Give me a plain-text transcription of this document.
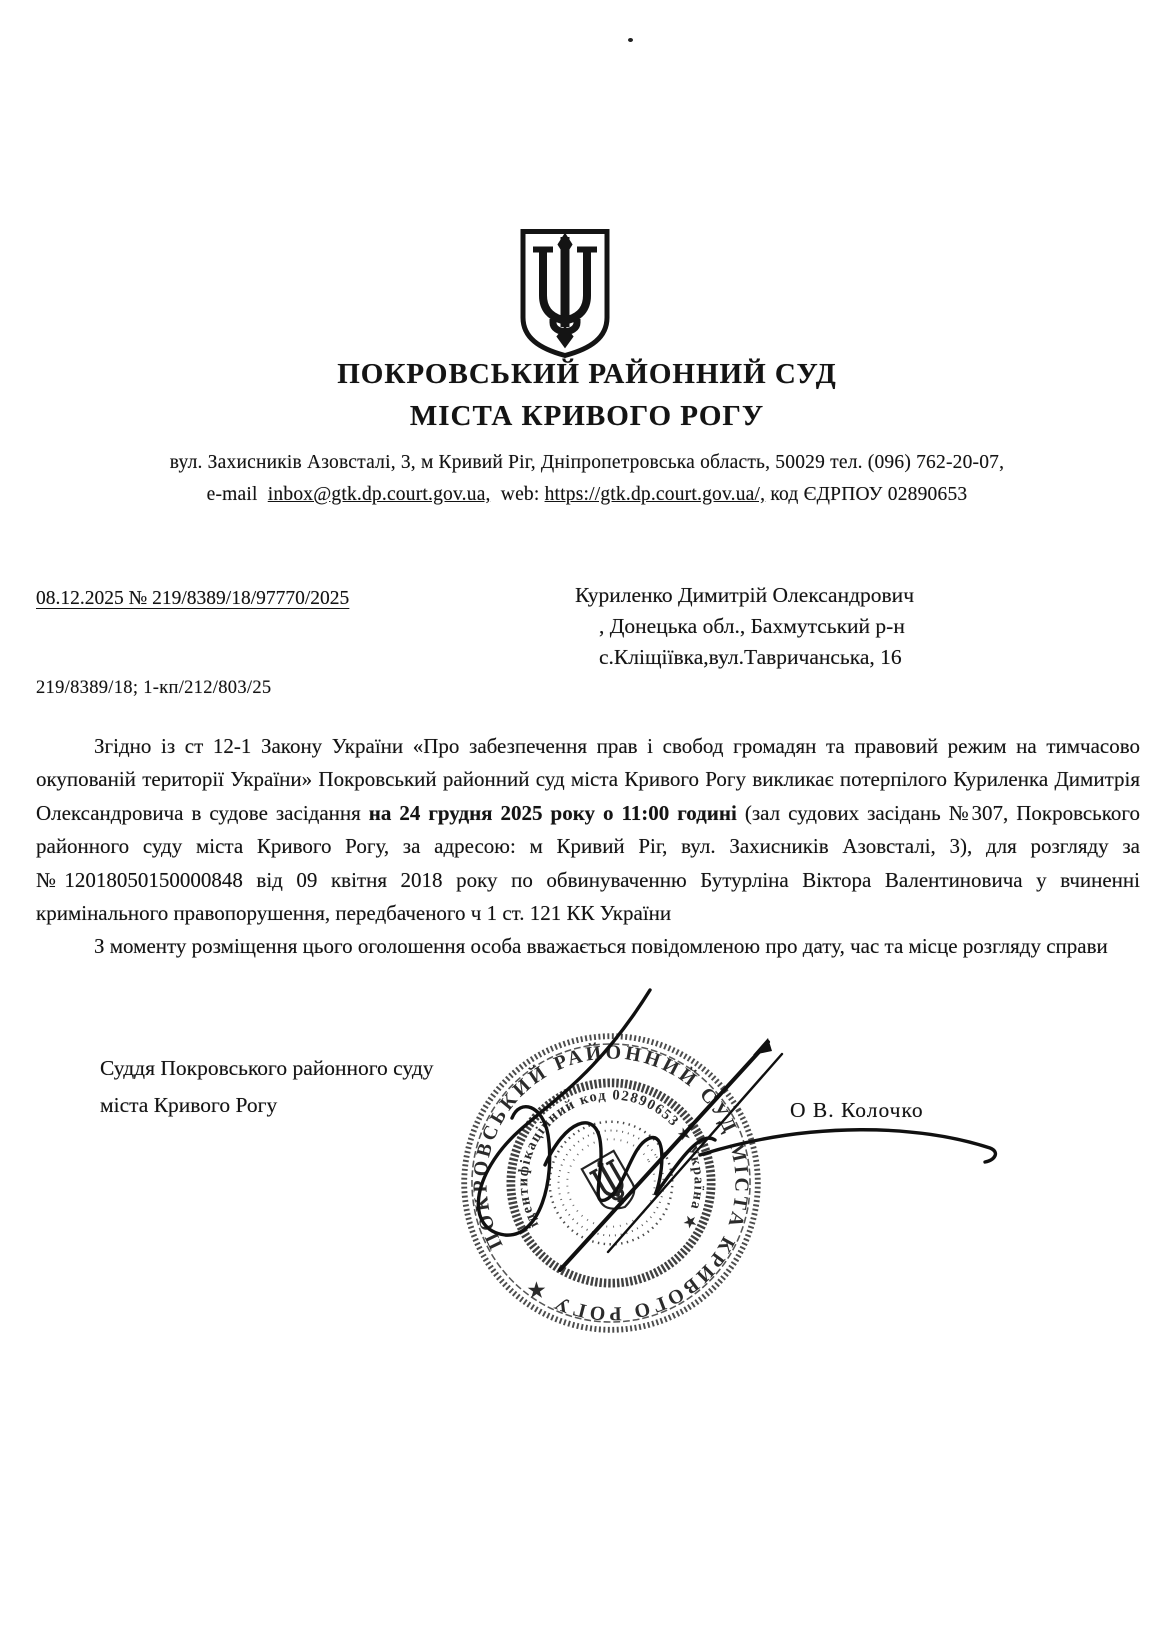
ПОКРОВСЬКИЙ РАЙОННИЙ СУД
МІСТА КРИВОГО РОГУ
вул. Захисників Азовсталі, 3, м Кривий Ріг, Дніпропетровська область, 50029 тел. (096) 762-20-07,
e-mail inbox@gtk.dp.court.gov.ua, web: https://gtk.dp.court.gov.ua/, код ЄДРПОУ 02890653
08.12.2025 № 219/8389/18/97770/2025	Куриленко Димитрій Олександрович
, Донецька обл., Бахмутський р-н
с.Кліщіївка,вул.Тавричанська, 16
219/8389/18; 1-кп/212/803/25

Згідно із ст 12-1 Закону України «Про забезпечення прав і свобод громадян та правовий режим на тимчасово окупованій території України» Покровський районний суд міста Кривого Рогу викликає потерпілого Куриленка Димитрія Олександровича в судове засідання на 24 грудня 2025 року о 11:00 годині (зал судових засідань №307, Покровського районного суду міста Кривого Рогу, за адресою: м Кривий Ріг, вул. Захисників Азовсталі, 3), для розгляду за №12018050150000848 від 09 квітня 2018 року по обвинуваченню Бутурліна Віктора Валентиновича у вчиненні кримінального правопорушення, передбаченого ч 1 ст. 121 КК України

З моменту розміщення цього оголошення особа вважається повідомленою про дату, час та місце розгляду справи

Суддя Покровського районного суду
міста Кривого Рогу	О В. Колочко
ПОКРОВСЬКИЙ РАЙОННИЙ СУД МІСТА КРИВОГО РОГУ ★
ідентифікаційний код 02890653 ★ Україна ★
